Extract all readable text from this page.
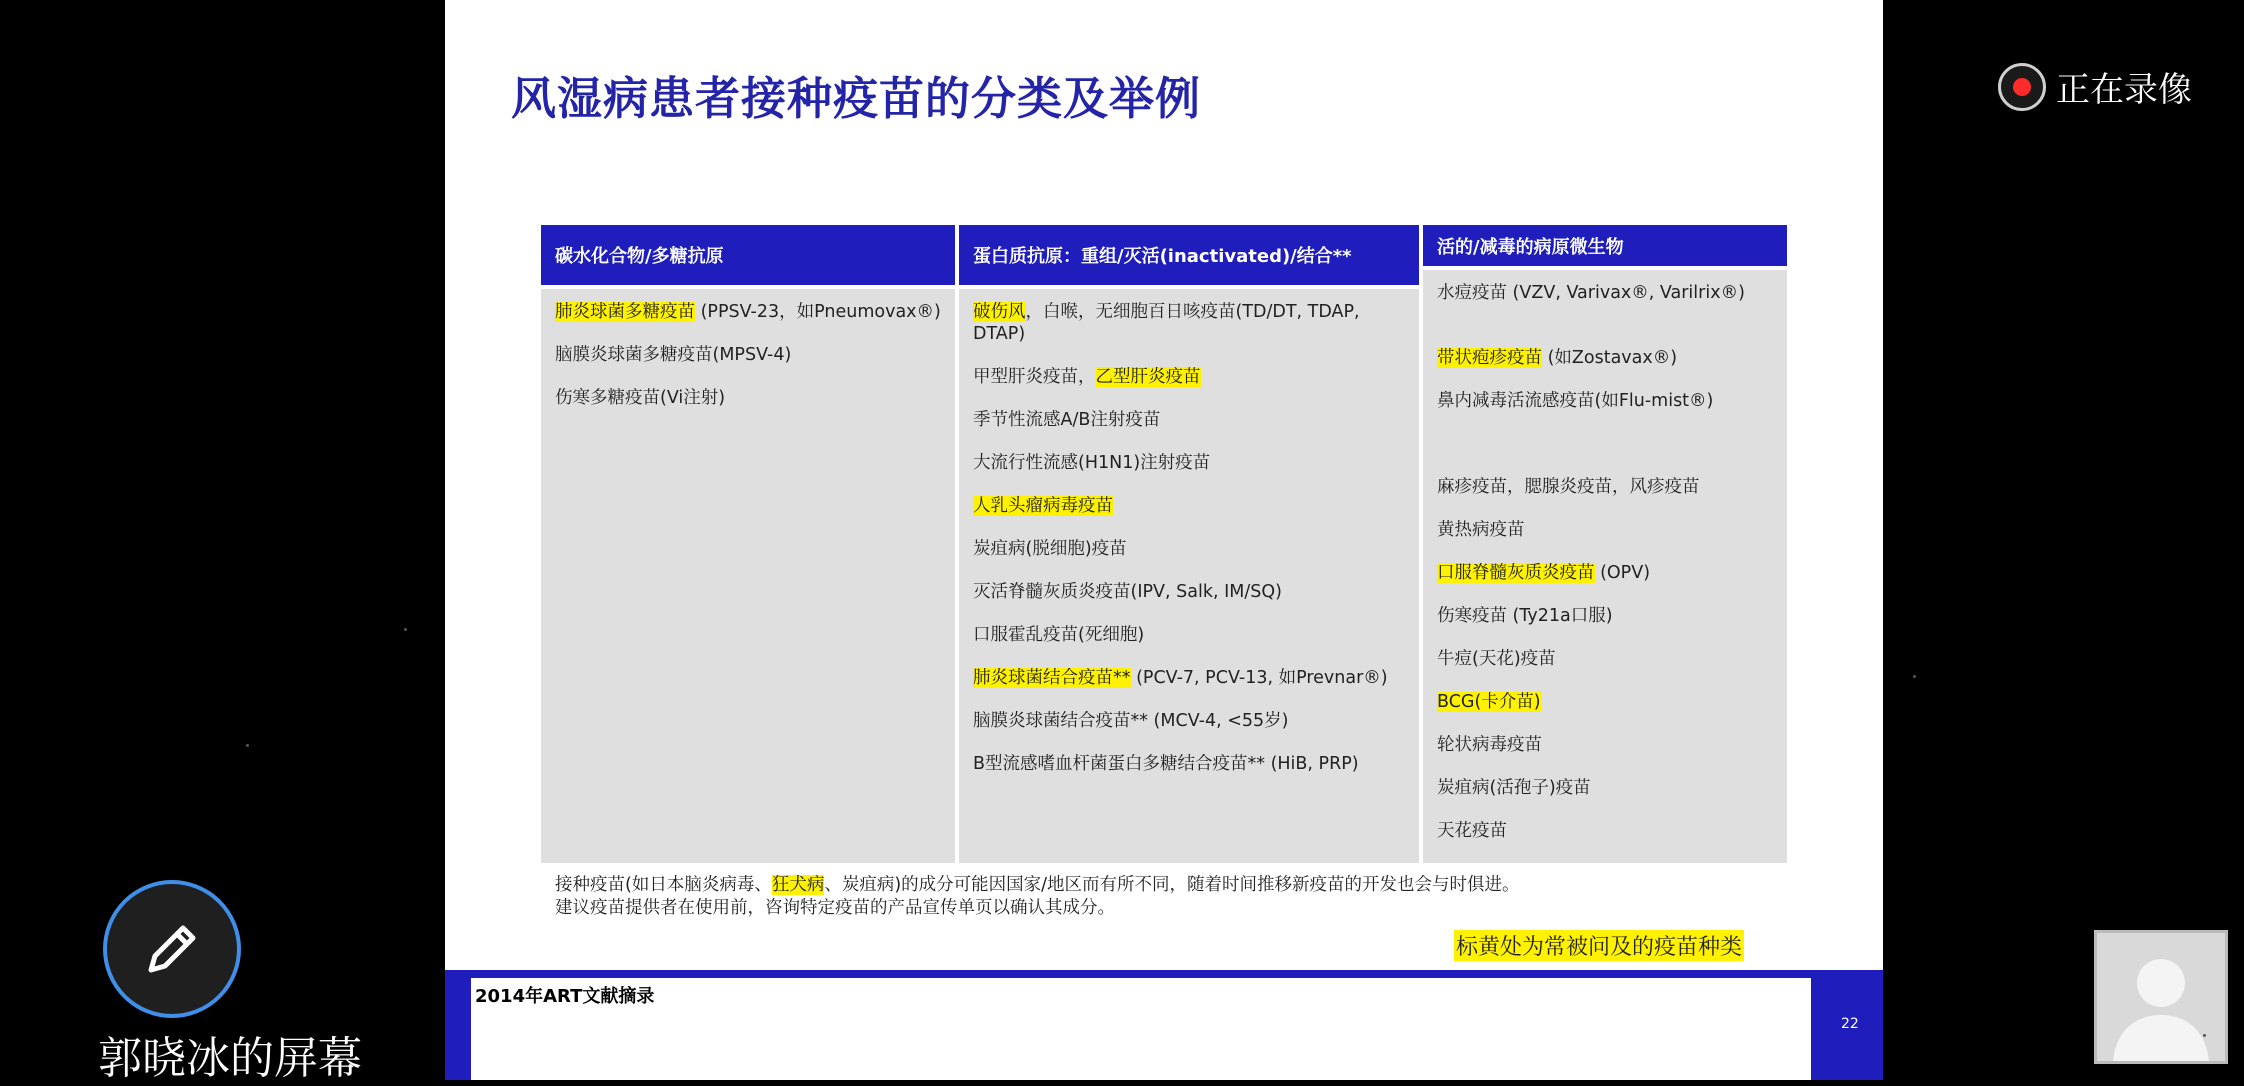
风湿病患者接种疫苗的分类及举例
碳水化合物/多糖抗原
肺炎球菌多糖疫苗 (PPSV-23，如Pneumovax®)
脑膜炎球菌多糖疫苗(MPSV-4)
伤寒多糖疫苗(Vi注射)
蛋白质抗原：重组/灭活(inactivated)/结合**
破伤风，白喉，无细胞百日咳疫苗(TD/DT, TDAP, DTAP)
甲型肝炎疫苗，乙型肝炎疫苗
季节性流感A/B注射疫苗
大流行性流感(H1N1)注射疫苗
人乳头瘤病毒疫苗
炭疽病(脱细胞)疫苗
灭活脊髓灰质炎疫苗(IPV, Salk, IM/SQ)
口服霍乱疫苗(死细胞)
肺炎球菌结合疫苗** (PCV-7, PCV-13, 如Prevnar®)
脑膜炎球菌结合疫苗** (MCV-4, <55岁)
B型流感嗜血杆菌蛋白多糖结合疫苗** (HiB, PRP)
活的/减毒的病原微生物
水痘疫苗 (VZV, Varivax®, Varilrix®)
带状疱疹疫苗 (如Zostavax®)
鼻内减毒活流感疫苗(如Flu-mist®)
麻疹疫苗，腮腺炎疫苗，风疹疫苗
黄热病疫苗
口服脊髓灰质炎疫苗 (OPV)
伤寒疫苗 (Ty21a口服)
牛痘(天花)疫苗
BCG(卡介苗)
轮状病毒疫苗
炭疽病(活孢子)疫苗
天花疫苗
接种疫苗(如日本脑炎病毒、狂犬病、炭疽病)的成分可能因国家/地区而有所不同，随着时间推移新疫苗的开发也会与时俱进。
建议疫苗提供者在使用前，咨询特定疫苗的产品宣传单页以确认其成分。
标黄处为常被问及的疫苗种类
2014年ART文献摘录
22
正在录像
郭晓冰的屏幕
